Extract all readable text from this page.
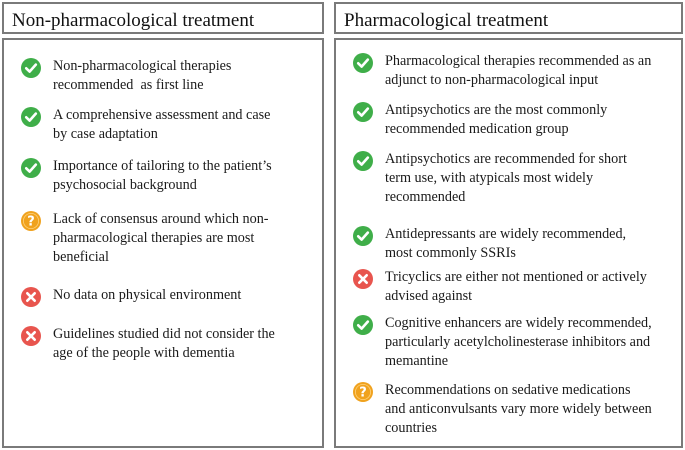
Non-pharmacological treatment	Pharmacological treatment
Non-pharmacological therapies
recommended  as first line
A comprehensive assessment and case
by case adaptation
Importance of tailoring to the patient’s
psychosocial background
? Lack of consensus around which non-
pharmacological therapies are most
beneficial
No data on physical environment
Guidelines studied did not consider the
age of the people with dementia
Pharmacological therapies recommended as an
adjunct to non-pharmacological input
Antipsychotics are the most commonly
recommended medication group
Antipsychotics are recommended for short
term use, with atypicals most widely
recommended
Antidepressants are widely recommended,
most commonly SSRIs
Tricyclics are either not mentioned or actively
advised against
Cognitive enhancers are widely recommended,
particularly acetylcholinesterase inhibitors and
memantine
? Recommendations on sedative medications
and anticonvulsants vary more widely between
countries
